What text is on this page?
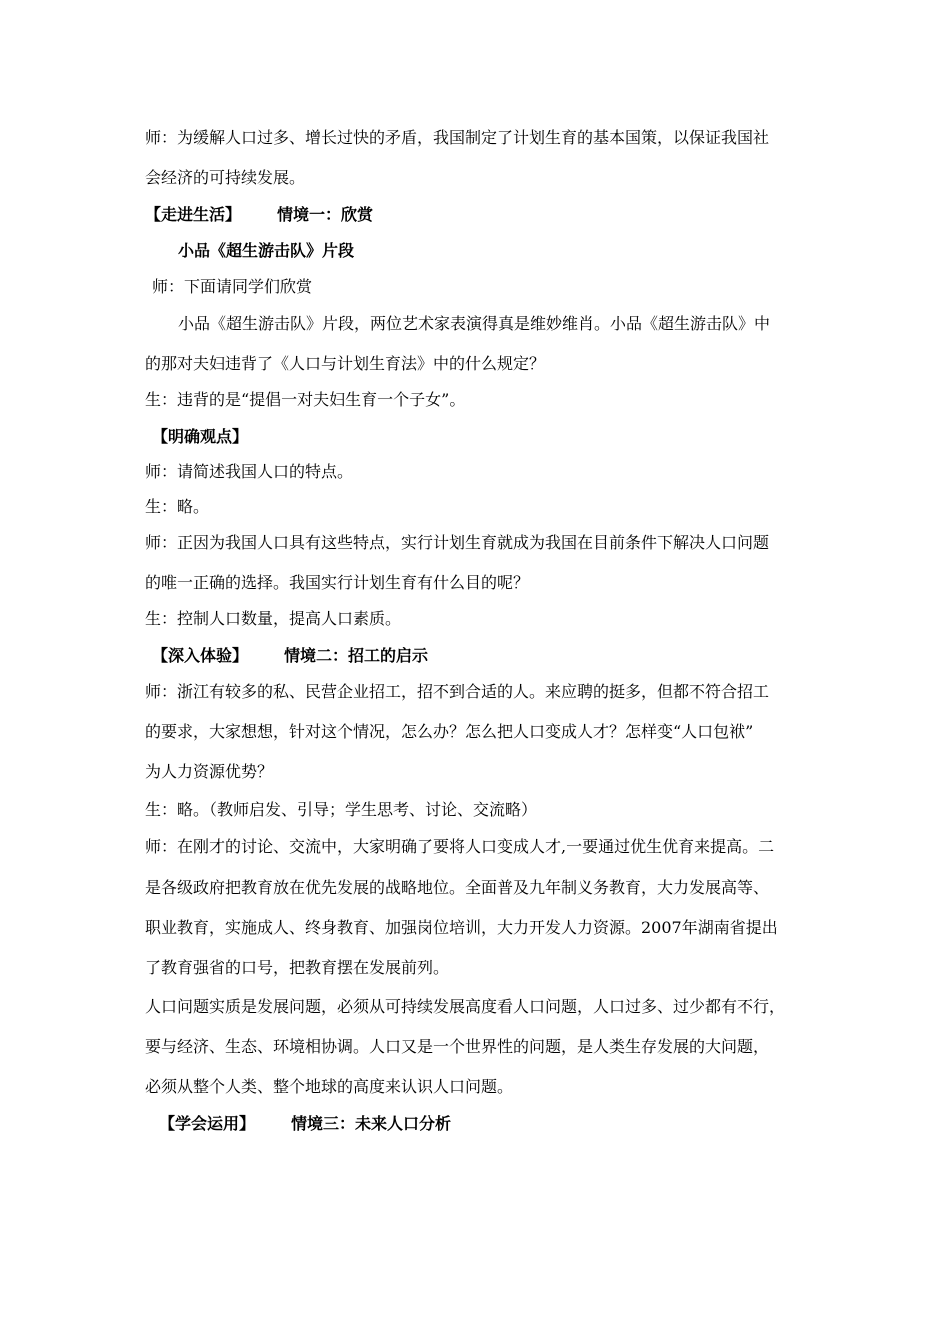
师：为缓解人口过多、增长过快的矛盾，我国制定了计划生育的基本国策，以保证我国社
会经济的可持续发展。
【走进生活】 情境一：欣赏
小品《超生游击队》片段
师：下面请同学们欣赏
小品《超生游击队》片段，两位艺术家表演得真是维妙维肖。小品《超生游击队》中
的那对夫妇违背了《人口与计划生育法》中的什么规定？
生：违背的是“提倡一对夫妇生育一个子女”。
【明确观点】
师：请简述我国人口的特点。
生：略。
师：正因为我国人口具有这些特点，实行计划生育就成为我国在目前条件下解决人口问题
的唯一正确的选择。我国实行计划生育有什么目的呢？
生：控制人口数量，提高人口素质。
【深入体验】 情境二：招工的启示
师：浙江有较多的私、民营企业招工，招不到合适的人。来应聘的挺多，但都不符合招工
的要求，大家想想，针对这个情况，怎么办？怎么把人口变成人才？怎样变“人口包袱”
为人力资源优势？
生：略。（教师启发、引导；学生思考、讨论、交流略）
师：在刚才的讨论、交流中，大家明确了要将人口变成人才,一要通过优生优育来提高。二
是各级政府把教育放在优先发展的战略地位。全面普及九年制义务教育，大力发展高等、
职业教育，实施成人、终身教育、加强岗位培训，大力开发人力资源。2007年湖南省提出
了教育强省的口号，把教育摆在发展前列。
人口问题实质是发展问题，必须从可持续发展高度看人口问题，人口过多、过少都有不行，
要与经济、生态、环境相协调。人口又是一个世界性的问题，是人类生存发展的大问题，
必须从整个人类、整个地球的高度来认识人口问题。
【学会运用】 情境三：未来人口分析
